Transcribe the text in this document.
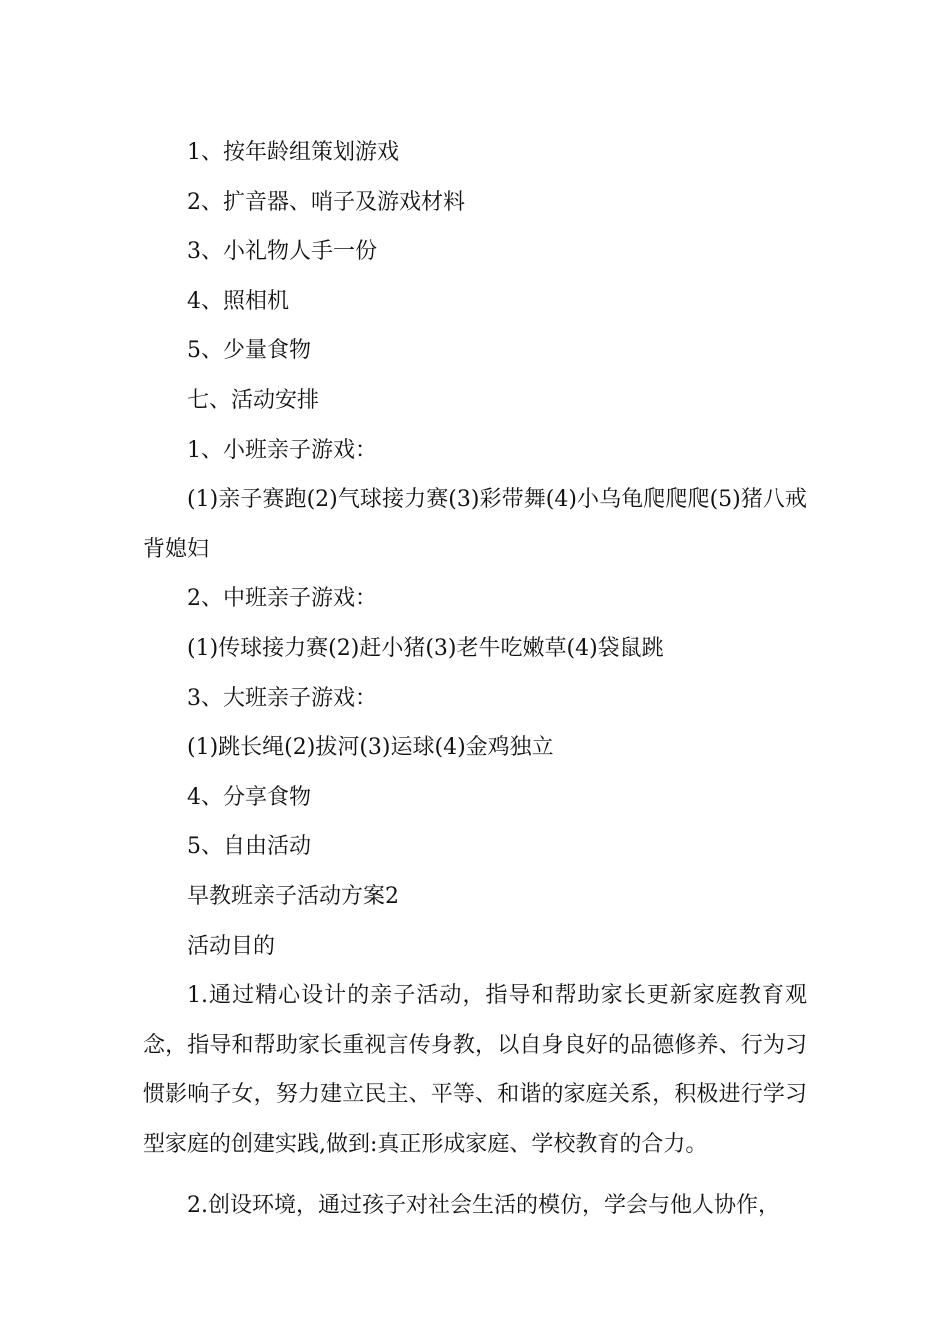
1、按年龄组策划游戏

2、扩音器、哨子及游戏材料

3、小礼物人手一份

4、照相机

5、少量食物

七、活动安排

1、小班亲子游戏：

(1)亲子赛跑(2)气球接力赛(3)彩带舞(4)小乌龟爬爬爬(5)猪八戒背媳妇

2、中班亲子游戏：

(1)传球接力赛(2)赶小猪(3)老牛吃嫩草(4)袋鼠跳

3、大班亲子游戏：

(1)跳长绳(2)拔河(3)运球(4)金鸡独立

4、分享食物

5、自由活动

早教班亲子活动方案2

活动目的

1.通过精心设计的亲子活动，指导和帮助家长更新家庭教育观念，指导和帮助家长重视言传身教，以自身良好的品德修养、行为习惯影响子女，努力建立民主、平等、和谐的家庭关系，积极进行学习型家庭的创建实践,做到:真正形成家庭、学校教育的合力。

2.创设环境，通过孩子对社会生活的模仿，学会与他人协作，
